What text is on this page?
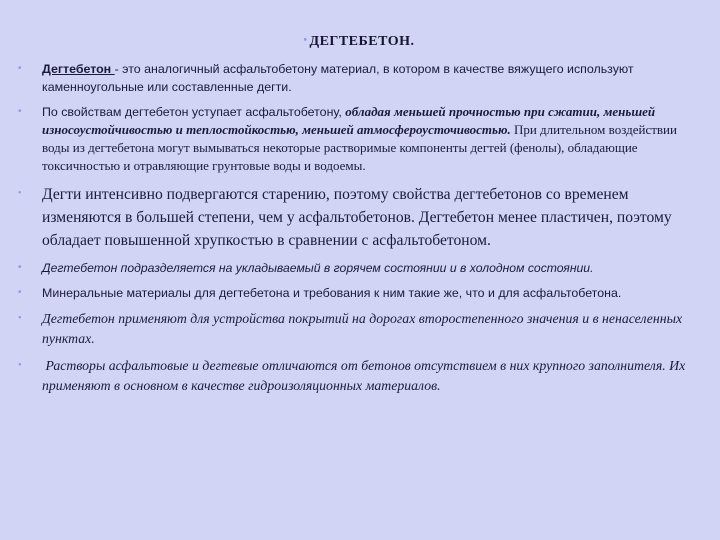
• ДЕГТЕБЕТОН.
• Дегтебетон - это аналогичный асфальтобетону материал, в котором в качестве вяжущего используют каменноугольные или составленные дегти.
• По свойствам дегтебетон уступает асфальтобетону, обладая меньшей прочностью при сжатии, меньшей износоустойчивостью и теплостойкостью, меньшей атмосфероусточивостью. При длительном воздействии воды из дегтебетона могут вымываться некоторые растворимые компоненты дегтей (фенолы), обладающие токсичностью и отравляющие грунтовые воды и водоемы.
• Дегти интенсивно подвергаются старению, поэтому свойства дегтебетонов со временем изменяются в большей степени, чем у асфальтобетонов. Дегтебетон менее пластичен, поэтому обладает повышенной хрупкостью в сравнении с асфальтобетоном.
• Дегтебетон подразделяется на укладываемый в горячем состоянии и в холодном состоянии.
• Минеральные материалы для дегтебетона и требования к ним такие же, что и для асфальтобетона.
• Дегтебетон применяют для устройства покрытий на дорогах второстепенного значения и в ненаселенных пунктах.
• Растворы асфальтовые и дегтевые отличаются от бетонов отсутствием в них крупного заполнителя. Их применяют в основном в качестве гидроизоляционных материалов.
